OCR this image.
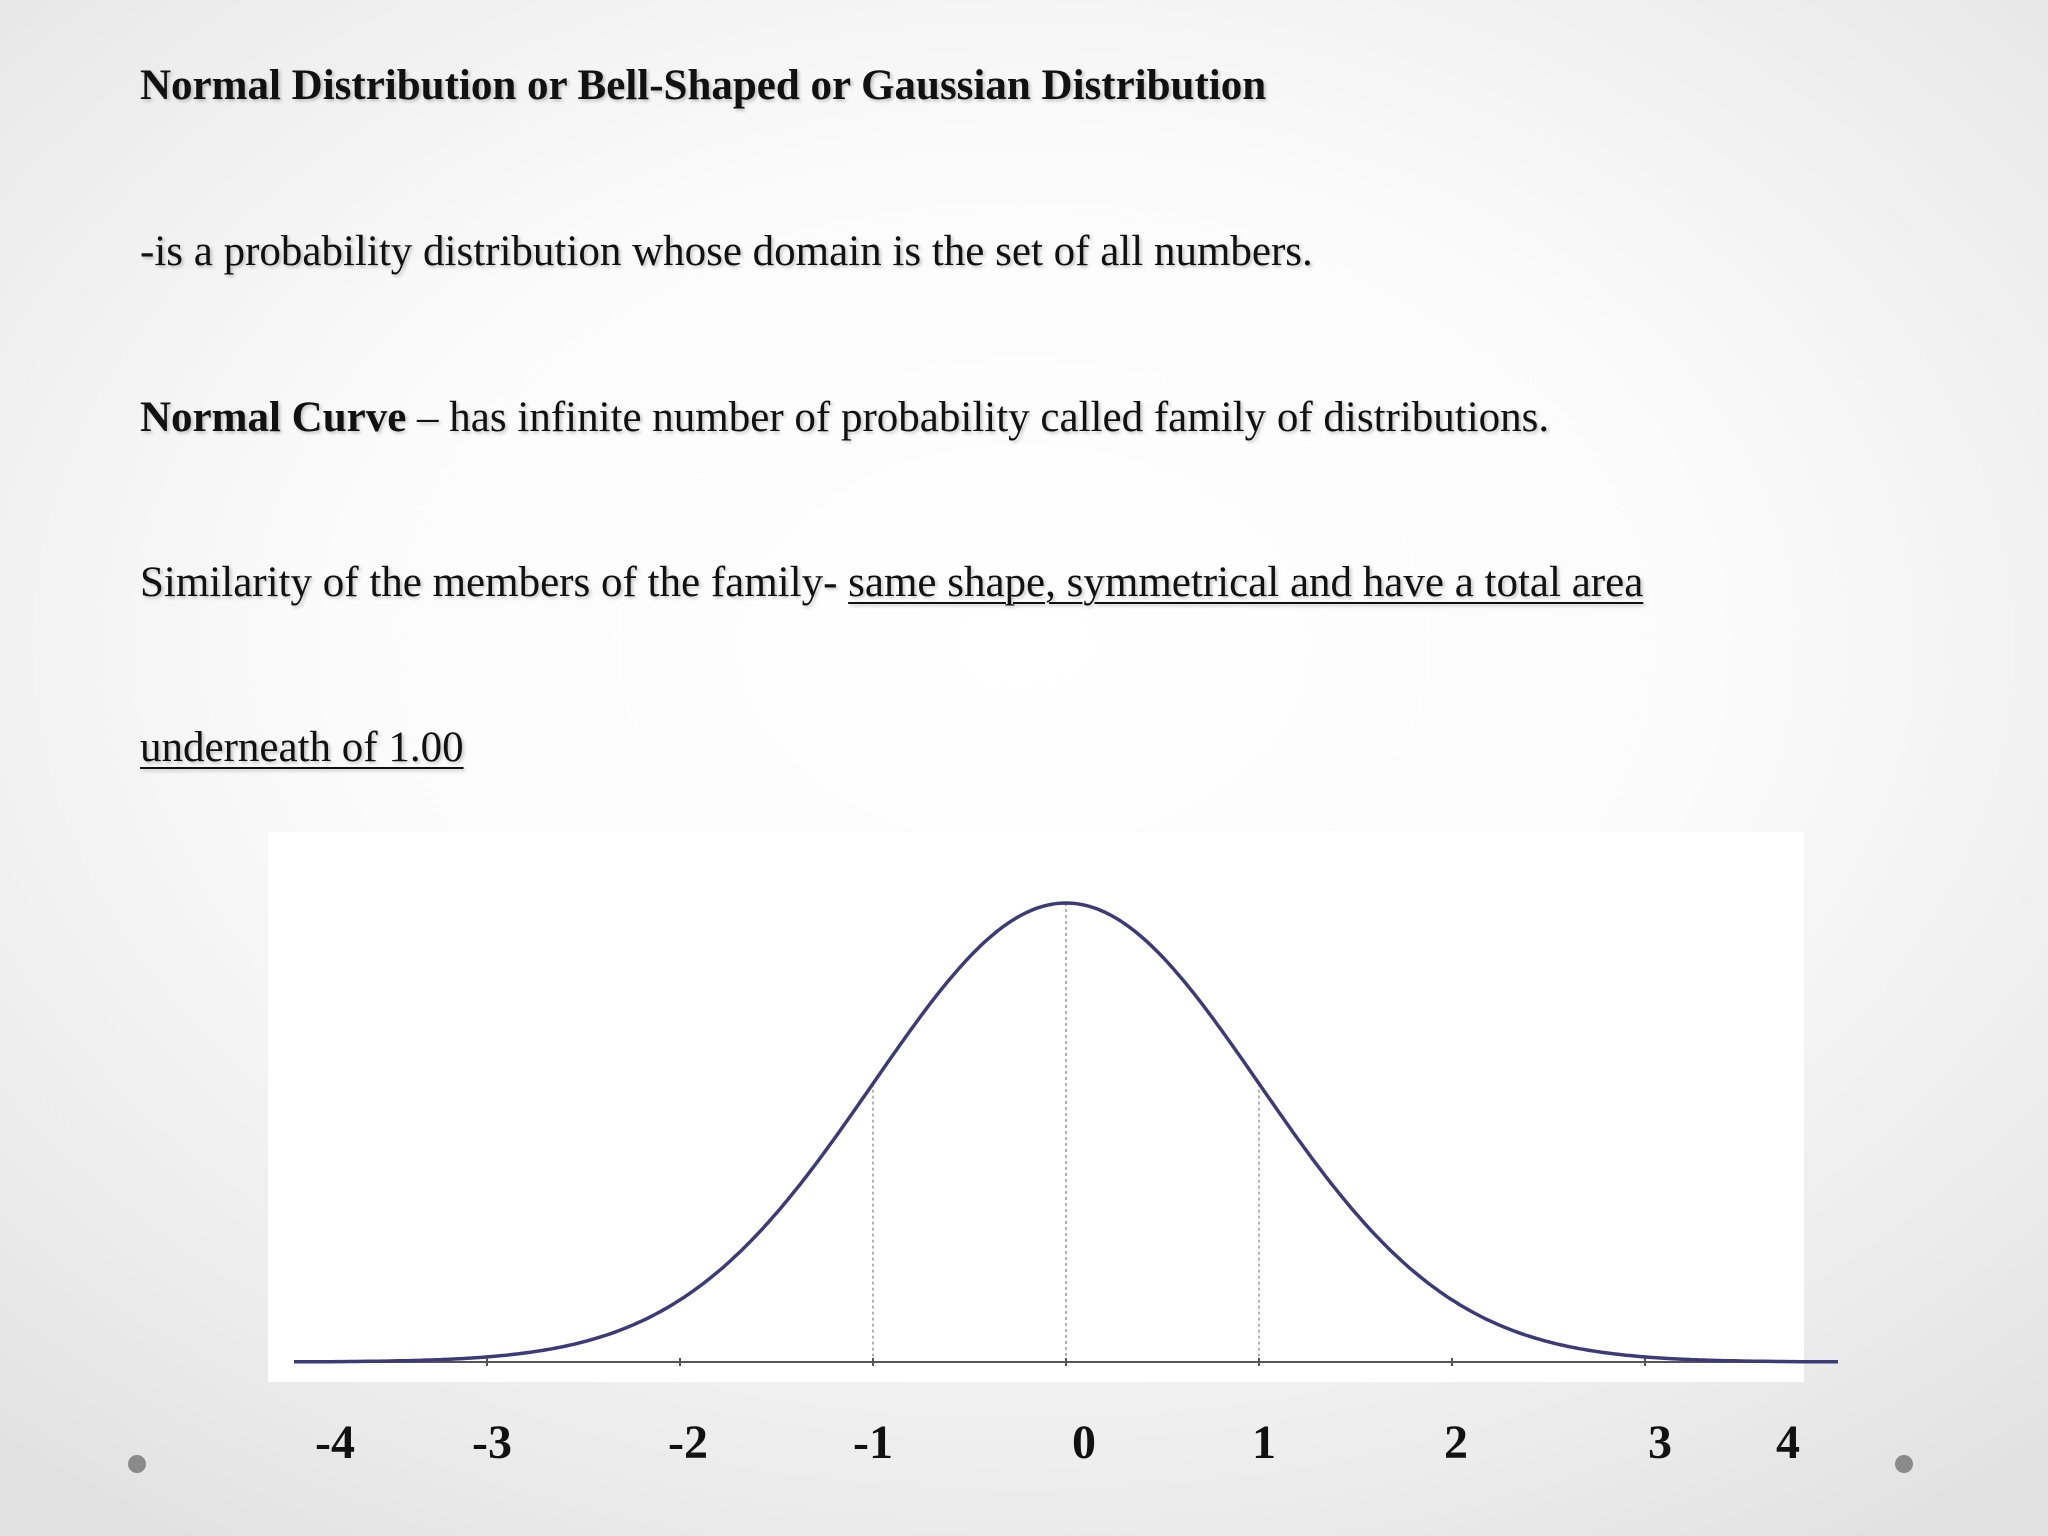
Normal Distribution or Bell-Shaped or Gaussian Distribution

-is a probability distribution whose domain is the set of all numbers.

Normal Curve – has infinite number of probability called family of distributions.

Similarity of the members of the family- same shape, symmetrical and have a total area

underneath of 1.00

-4 -3	-2	-1	0	1	2	3 4
